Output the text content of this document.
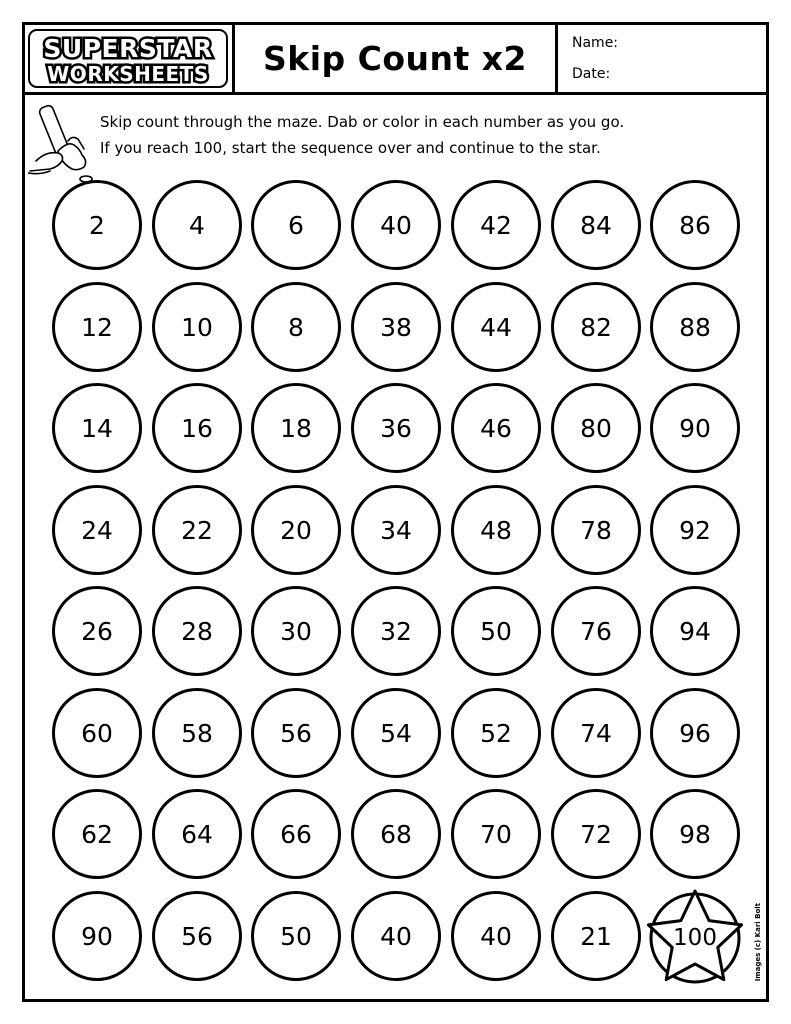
SUPERSTAR
WORKSHEETS Skip Count x2	Name:
Date:
Skip count through the maze. Dab or color in each number as you go.
If you reach 100, start the sequence over and continue to the star.
2	4	6	40	42	84	86
12	10	8	38	44	82	88
14	16	18	36	46	80	90
24	22	20	34	48	78	92
26	28	30	32	50	76	94
60	58	56	54	52	74	96
62	64	66	68	70	72	98
90	56	50	40	40	21	100	Images (c) Kari Bolt
